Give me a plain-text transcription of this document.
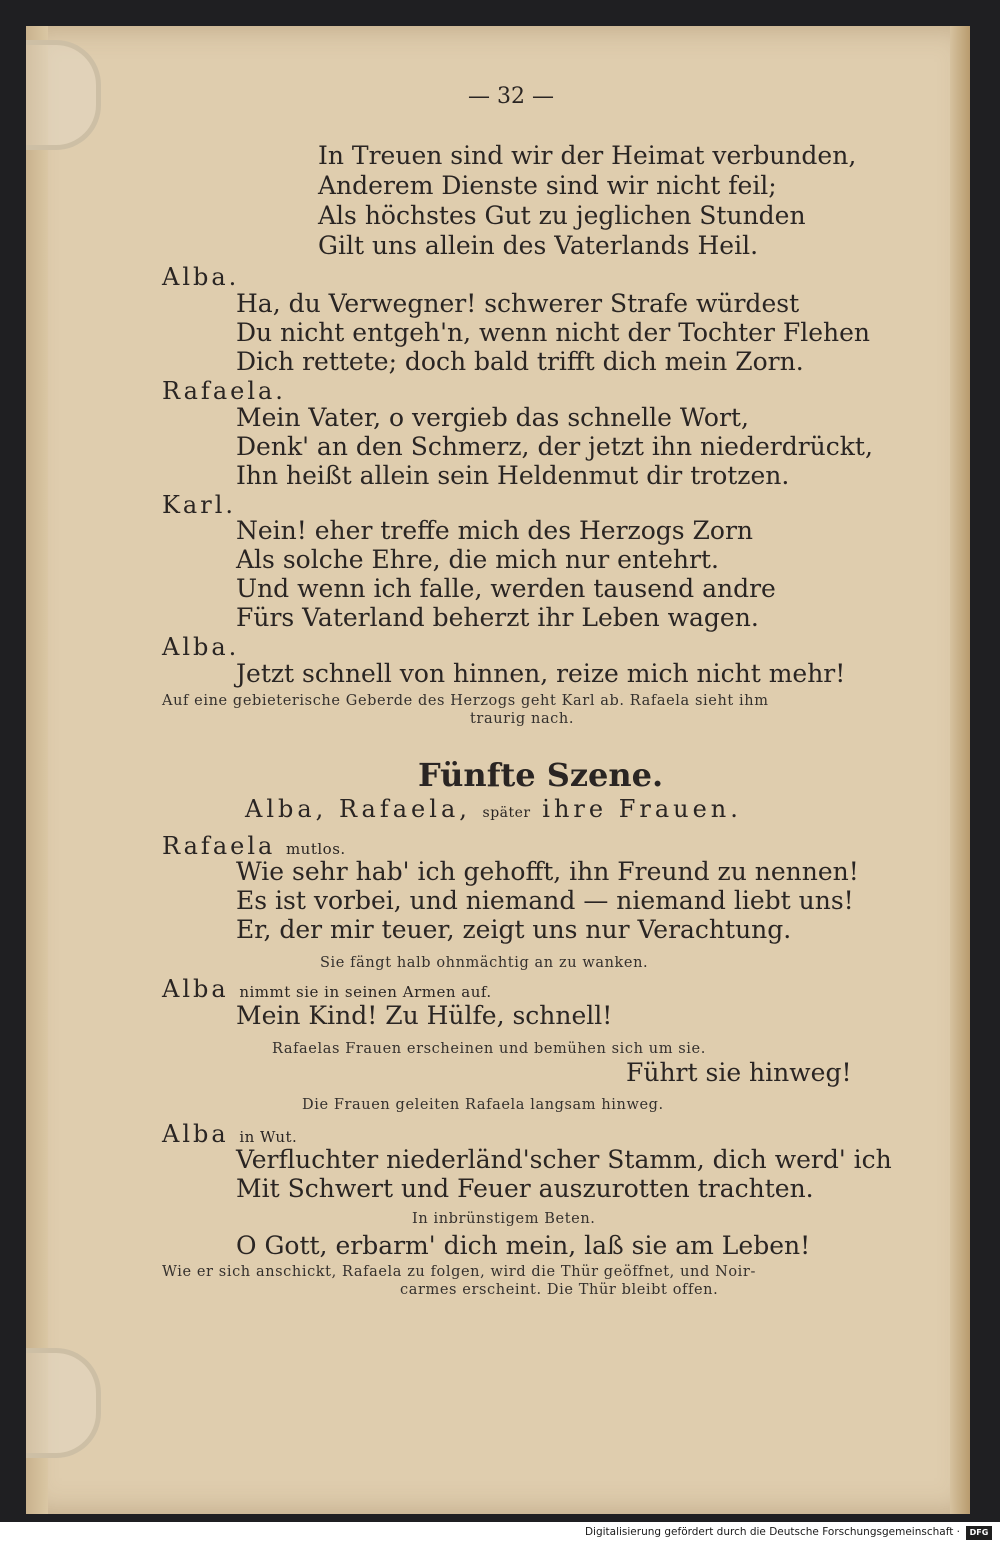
— 32 —
In Treuen sind wir der Heimat verbunden,
Anderem Dienste sind wir nicht feil;
Als höchstes Gut zu jeglichen Stunden
Gilt uns allein des Vaterlands Heil.
Alba.
Ha, du Verwegner! schwerer Strafe würdest
Du nicht entgeh'n, wenn nicht der Tochter Flehen
Dich rettete; doch bald trifft dich mein Zorn.
Rafaela.
Mein Vater, o vergieb das schnelle Wort,
Denk' an den Schmerz, der jetzt ihn niederdrückt,
Ihn heißt allein sein Heldenmut dir trotzen.
Karl.
Nein! eher treffe mich des Herzogs Zorn
Als solche Ehre, die mich nur entehrt.
Und wenn ich falle, werden tausend andre
Fürs Vaterland beherzt ihr Leben wagen.
Alba.
Jetzt schnell von hinnen, reize mich nicht mehr!
Auf eine gebieterische Geberde des Herzogs geht Karl ab. Rafaela sieht ihm
traurig nach.
Fünfte Szene.
Alba, Rafaela, später ihre Frauen.
Rafaela mutlos.
Wie sehr hab' ich gehofft, ihn Freund zu nennen!
Es ist vorbei, und niemand — niemand liebt uns!
Er, der mir teuer, zeigt uns nur Verachtung.
Sie fängt halb ohnmächtig an zu wanken.
Alba nimmt sie in seinen Armen auf.
Mein Kind! Zu Hülfe, schnell!
Rafaelas Frauen erscheinen und bemühen sich um sie.
Führt sie hinweg!
Die Frauen geleiten Rafaela langsam hinweg.
Alba in Wut.
Verfluchter niederländ'scher Stamm, dich werd' ich
Mit Schwert und Feuer auszurotten trachten.
In inbrünstigem Beten.
O Gott, erbarm' dich mein, laß sie am Leben!
Wie er sich anschickt, Rafaela zu folgen, wird die Thür geöffnet, und Noir-
carmes erscheint. Die Thür bleibt offen.
Digitalisierung gefördert durch die Deutsche Forschungsgemeinschaft ·	DFG
